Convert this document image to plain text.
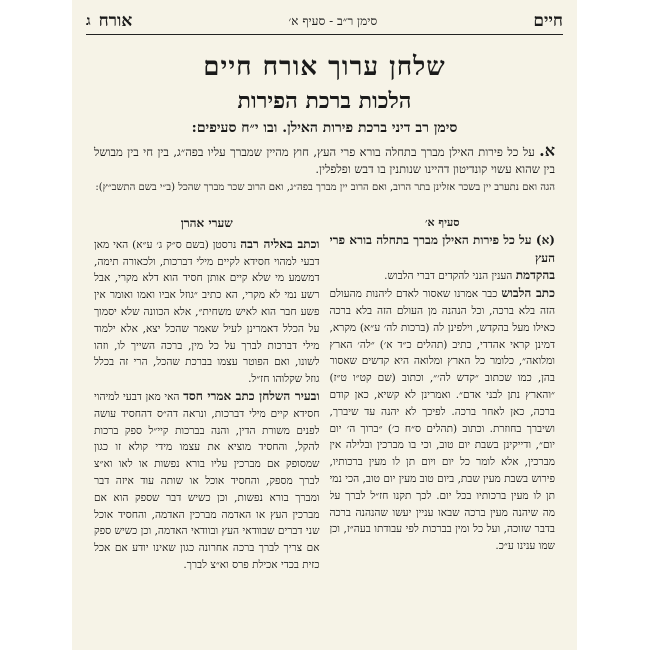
חיים
סימן ר״ב - סעיף א׳
אורח
ג
שלחן ערוך אורח חיים
הלכות ברכת הפירות
סימן רב דיני ברכת פירות האילן. ובו י״ח סעיפים:
א. על כל פירות האילן מברך בתחלה בורא פרי העץ, חוץ מהיין שמברך עליו בפה״ג, בין חי בין מבושל בין שהוא עשוי קונדיטון דהיינו שנותנין בו דבש ופלפלין.
הגה ואם נתערב יין בשכר אזלינן בתר הרוב, ואם הרוב יין מברך בפה״ג, ואם הרוב שכר מברך שהכל (ב״י בשם התשב״ץ):
סעיף א׳

(א) על כל פירות האילן מברך בתחלה בורא פרי העץ

בהקדמת הענין הנני להקדים דברי הלבוש.

כתב הלבוש כבר אמרנו שאסור לאדם ליהנות מהעולם הזה בלא ברכה, וכל הנהנה מן העולם הזה בלא ברכה כאילו מעל בהקדש, וילפינן לה (ברכות לה׳ ע״א) מקרא, דמינן קראי אהדדי, כתיב (תהלים כ״ד א׳) ״לה׳ הארץ ומלואה״, כלומר כל הארץ ומלואה היא קדשים שאסור בהן, כמו שכתוב ״קדש לה׳״, וכתוב (שם קט״ו ט״ז) ״והארץ נתן לבני אדם״. ואמרינן לא קשיא, כאן קודם ברכה, כאן לאחר ברכה. לפיכך לא יהנה עד שיברך, ושיברך בחוזרת. וכתוב (תהלים ס״ח כ׳) ״ברוך ה׳ יום יום״, ודייקינן בשבת יום טוב, וכי בו מברכין ובלילה אין מברכין, אלא לומר כל יום ויום תן לו מעין ברכותיו, פירוש בשבת מעין שבת, ביום טוב מעין יום טוב, הכי נמי תן לו מעין ברכותיו בכל יום. לכך תקנו חז״ל לברך על מה שיהנה מעין ברכה שבאו עניין יעשו שהנהנה ברכה בדבר שזוכה, ועל כל ומין בברכות לפי עבודתו בעה״ז, וכן שמו ענינו ע״כ.

שערי אהרן

וכתב באליה רבה נרסטן (בשם ס״ק ג׳ ע״א) האי מאן דבעי למהוי חסידא לקיים מילי דברכות, ולכאורה תימה, דמשמע מי שלא קיים אותן חסיד הוא דלא מקרי, אבל רשע נמי לא מקרי, הא כתיב ״גוזל אביו ואמו ואומר אין פשע חבר הוא לאיש משחית״, אלא הכוונה שלא יסמוך על הכלל דאמרינן לעיל שאמר שהכל יצא, אלא ילמוד מילי דברכות לברך על כל מין, ברכה השייך לו, וזהו לשונו, ואם הפוטר עצמו בברכת שהכל, הרי זה בכלל גוזל שקלוהו חז״ל.

ובעיר השלחן כתב אמרי חסד האי מאן דבעי למיהוי חסידא קיים מילי דברכות, ונראה דה״ס דהחסיד עושה לפנים משורת הדין, והנה בברכות קיי״ל ספק ברכות להקל, והחסיד מוציא את עצמו מידי קולא זו כגון שמסופק אם מברכין עליו בורא נפשות או לאו וא״צ לברך מספק, והחסיד אוכל או שותה עוד איזה דבר ומברך בורא נפשות, וכן כשיש דבר שספק הוא אם מברכין העץ או האדמה מברכין האדמה, והחסיד אוכל שני דברים שבוודאי העץ ובוודאי האדמה, וכן כשיש ספק אם צריך לברך ברכה אחרונה כגון שאינו יודע אם אכל כזית בכדי אכילת פרס וא״צ לברך.
